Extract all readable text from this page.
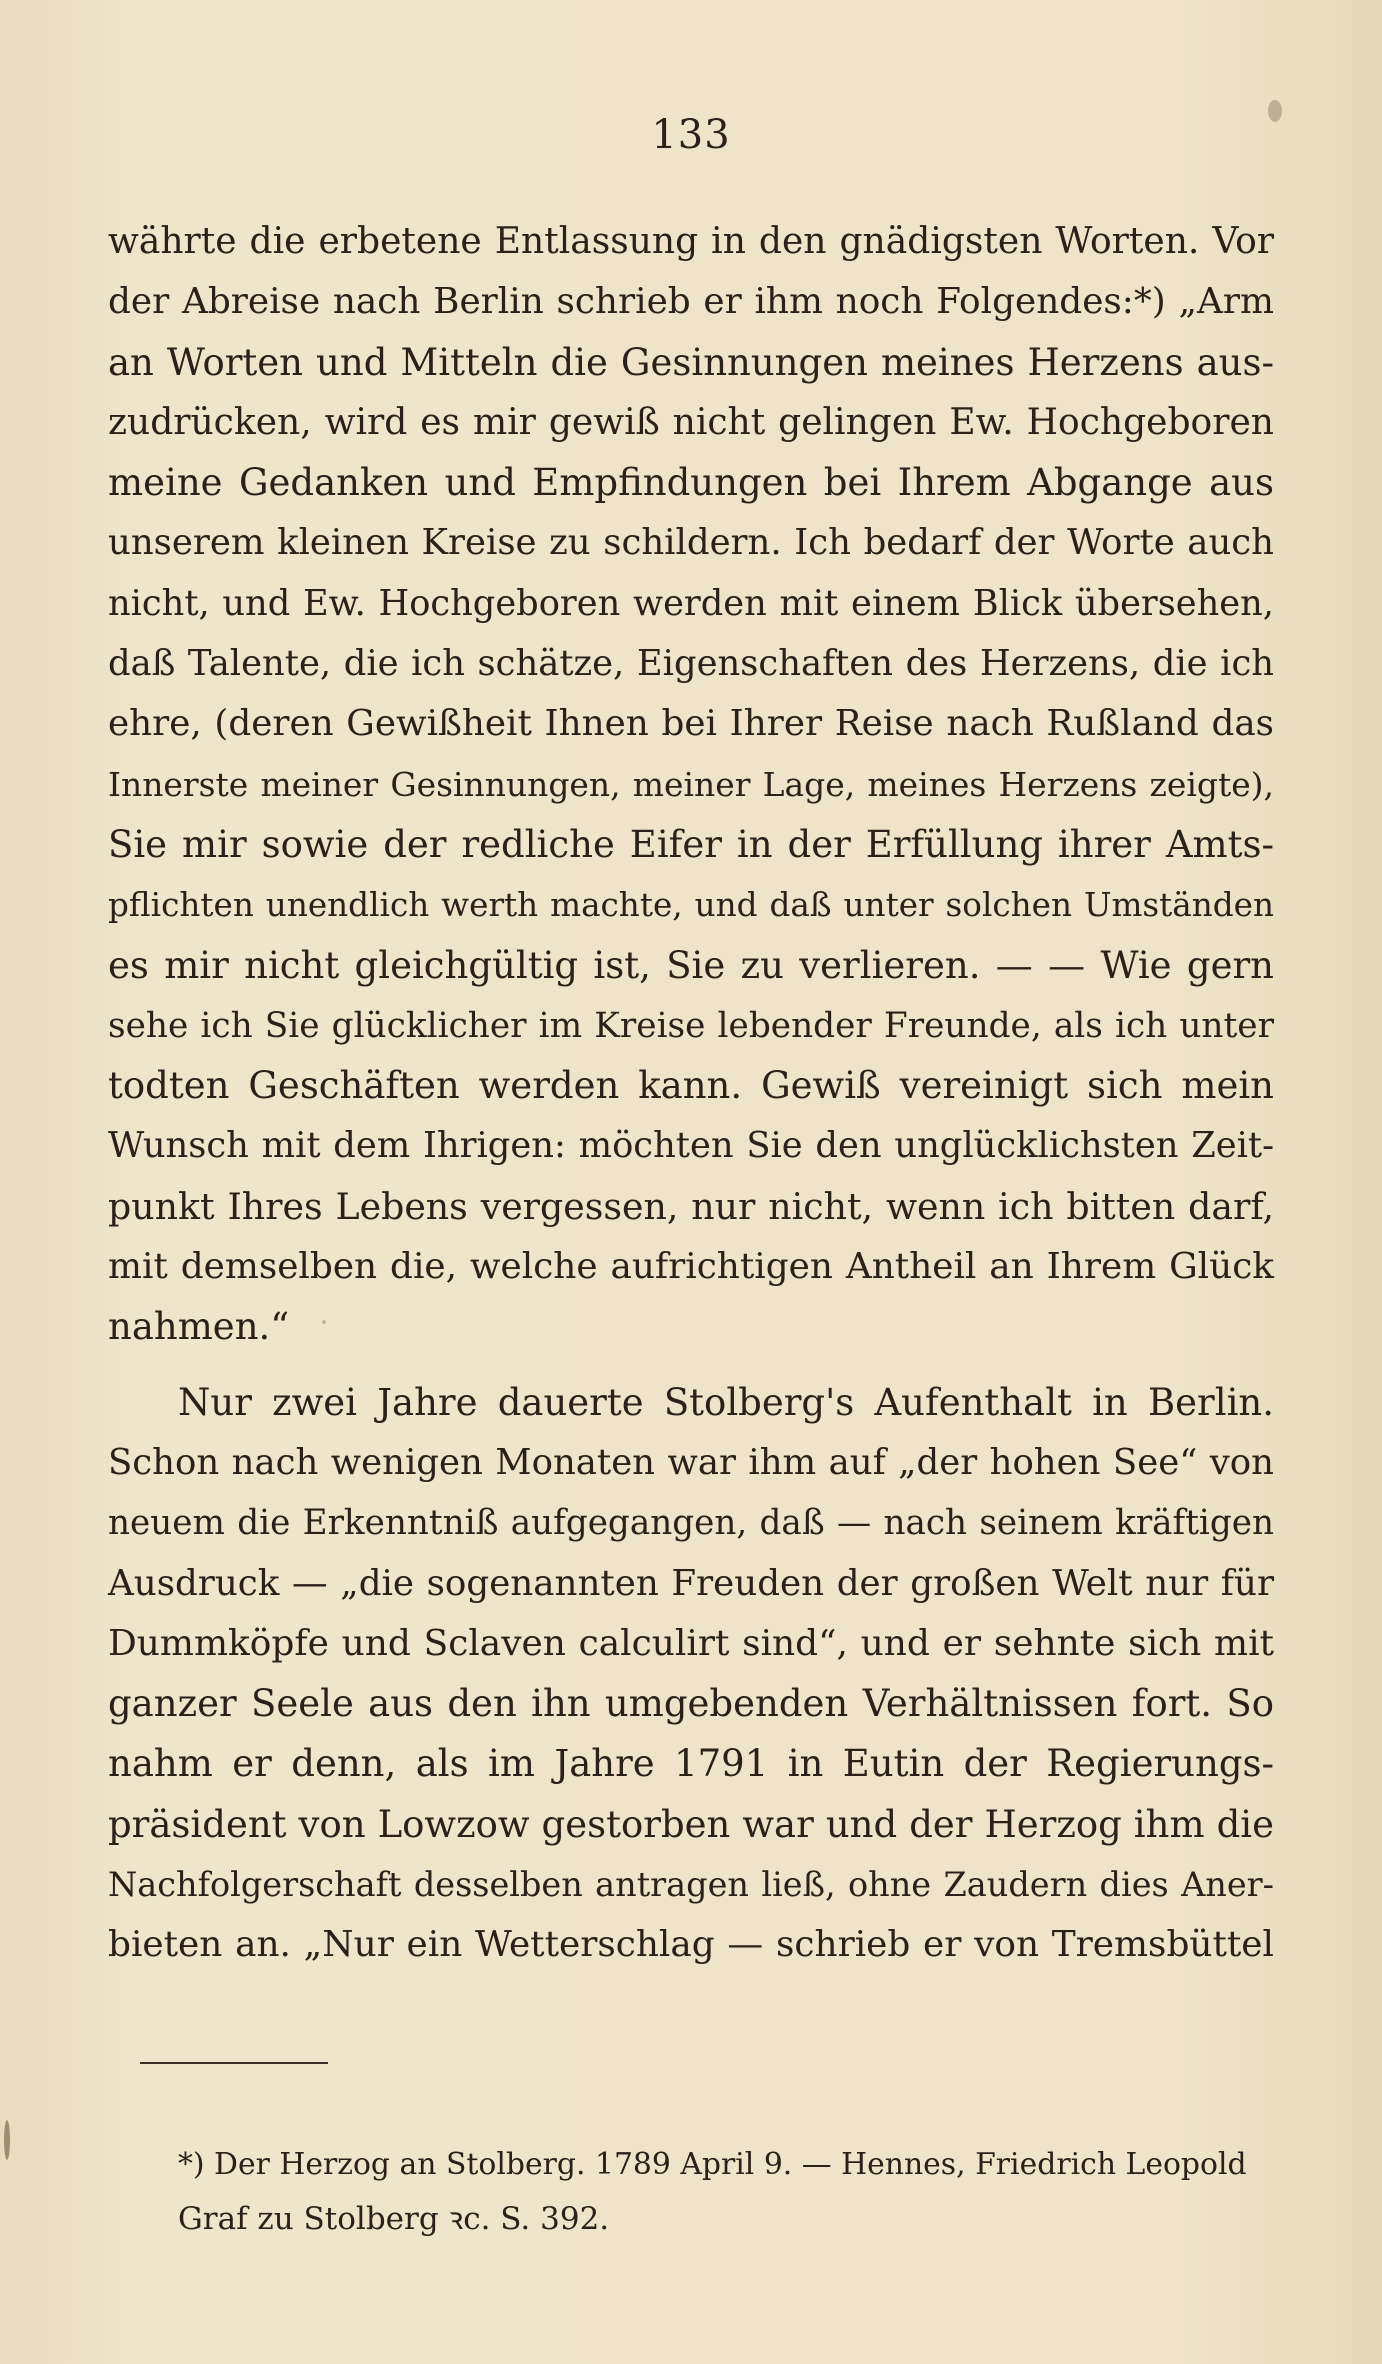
133
währte die erbetene Entlassung in den gnädigsten Worten. Vor
der Abreise nach Berlin schrieb er ihm noch Folgendes:*) „Arm
an Worten und Mitteln die Gesinnungen meines Herzens aus-
zudrücken, wird es mir gewiß nicht gelingen Ew. Hochgeboren
meine Gedanken und Empfindungen bei Ihrem Abgange aus
unserem kleinen Kreise zu schildern. Ich bedarf der Worte auch
nicht, und Ew. Hochgeboren werden mit einem Blick übersehen,
daß Talente, die ich schätze, Eigenschaften des Herzens, die ich
ehre, (deren Gewißheit Ihnen bei Ihrer Reise nach Rußland das
Innerste meiner Gesinnungen, meiner Lage, meines Herzens zeigte),
Sie mir sowie der redliche Eifer in der Erfüllung ihrer Amts-
pflichten unendlich werth machte, und daß unter solchen Umständen
es mir nicht gleichgültig ist, Sie zu verlieren. — — Wie gern
sehe ich Sie glücklicher im Kreise lebender Freunde, als ich unter
todten Geschäften werden kann. Gewiß vereinigt sich mein
Wunsch mit dem Ihrigen: möchten Sie den unglücklichsten Zeit-
punkt Ihres Lebens vergessen, nur nicht, wenn ich bitten darf,
mit demselben die, welche aufrichtigen Antheil an Ihrem Glück
nahmen.“
Nur zwei Jahre dauerte Stolberg's Aufenthalt in Berlin.
Schon nach wenigen Monaten war ihm auf „der hohen See“ von
neuem die Erkenntniß aufgegangen, daß — nach seinem kräftigen
Ausdruck — „die sogenannten Freuden der großen Welt nur für
Dummköpfe und Sclaven calculirt sind“, und er sehnte sich mit
ganzer Seele aus den ihn umgebenden Verhältnissen fort. So
nahm er denn, als im Jahre 1791 in Eutin der Regierungs-
präsident von Lowzow gestorben war und der Herzog ihm die
Nachfolgerschaft desselben antragen ließ, ohne Zaudern dies Aner-
bieten an. „Nur ein Wetterschlag — schrieb er von Tremsbüttel
*) Der Herzog an Stolberg. 1789 April 9. — Hennes, Friedrich Leopold
Graf zu Stolberg ꝛc. S. 392.
